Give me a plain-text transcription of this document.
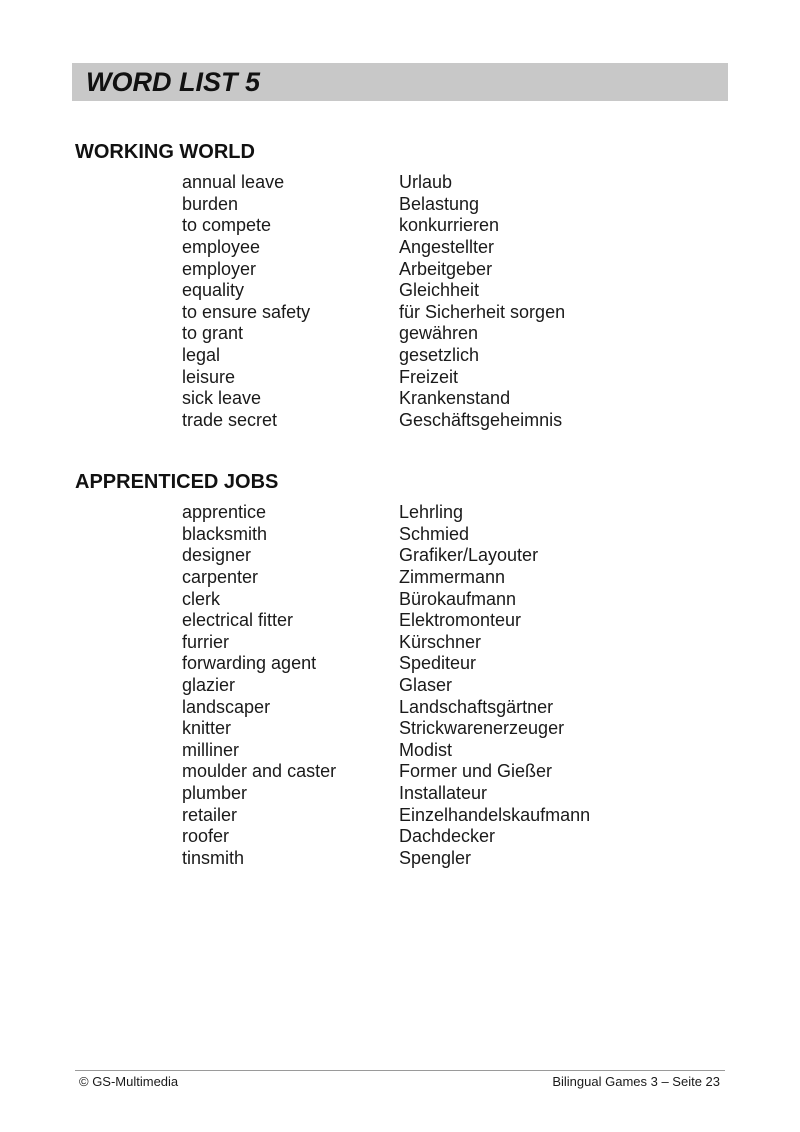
WORD LIST 5
WORKING WORLD
annual leave	Urlaub
burden	Belastung
to compete	konkurrieren
employee	Angestellter
employer	Arbeitgeber
equality	Gleichheit
to ensure safety	für Sicherheit sorgen
to grant	gewähren
legal	gesetzlich
leisure	Freizeit
sick leave	Krankenstand
trade secret	Geschäftsgeheimnis
APPRENTICED JOBS
apprentice	Lehrling
blacksmith	Schmied
designer	Grafiker/Layouter
carpenter	Zimmermann
clerk	Bürokaufmann
electrical fitter	Elektromonteur
furrier	Kürschner
forwarding agent	Spediteur
glazier	Glaser
landscaper	Landschaftsgärtner
knitter	Strickwarenerzeuger
milliner	Modist
moulder and caster	Former und Gießer
plumber	Installateur
retailer	Einzelhandelskaufmann
roofer	Dachdecker
tinsmith	Spengler
© GS-Multimedia	Bilingual Games 3 – Seite 23
